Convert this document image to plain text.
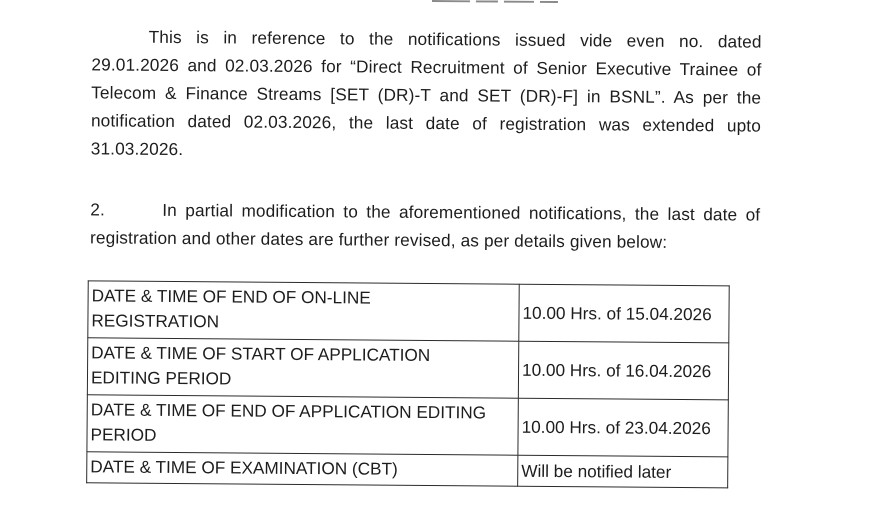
This is in reference to the notifications issued vide even no. dated
29.01.2026 and 02.03.2026 for “Direct Recruitment of Senior Executive Trainee of
Telecom & Finance Streams [SET (DR)-T and SET (DR)-F] in BSNL”. As per the
notification dated 02.03.2026, the last date of registration was extended upto
31.03.2026.
2.	In partial modification to the aforementioned notifications, the last date of
registration and other dates are further revised, as per details given below:
DATE & TIME OF END OF ON-LINE
REGISTRATION	10.00 Hrs. of 15.04.2026

DATE & TIME OF START OF APPLICATION
EDITING PERIOD	10.00 Hrs. of 16.04.2026

DATE & TIME OF END OF APPLICATION EDITING
PERIOD	10.00 Hrs. of 23.04.2026

DATE & TIME OF EXAMINATION (CBT)	Will be notified later
